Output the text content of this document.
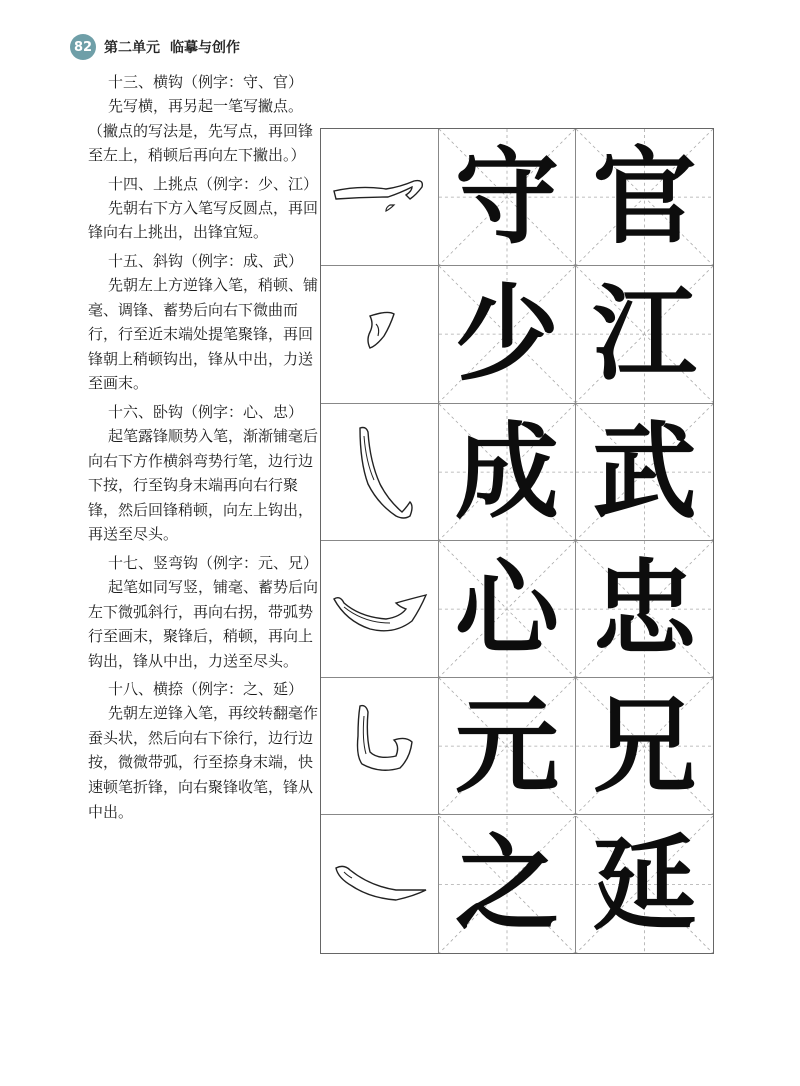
82 第二单元 临摹与创作

十三、横钩（例字：守、官）

先写横，再另起一笔写撇点。（撇点的写法是，先写点，再回锋至左上，稍顿后再向左下撇出。）

十四、上挑点（例字：少、江）

先朝右下方入笔写反圆点，再回锋向右上挑出，出锋宜短。

十五、斜钩（例字：成、武）

先朝左上方逆锋入笔，稍顿、铺毫、调锋、蓄势后向右下微曲而行，行至近末端处提笔聚锋，再回锋朝上稍顿钩出，锋从中出，力送至画末。

十六、卧钩（例字：心、忠）

起笔露锋顺势入笔，渐渐铺毫后向右下方作横斜弯势行笔，边行边下按，行至钩身末端再向右行聚锋，然后回锋稍顿，向左上钩出，再送至尽头。

十七、竖弯钩（例字：元、兄）

起笔如同写竖，铺毫、蓄势后向左下微弧斜行，再向右拐，带弧势行至画末，聚锋后，稍顿，再向上钩出，锋从中出，力送至尽头。

十八、横捺（例字：之、延）

先朝左逆锋入笔，再绞转翻毫作蚕头状，然后向右下徐行，边行边按，微微带弧，行至捺身末端，快速顿笔折锋，向右聚锋收笔，锋从中出。

守 官
少 江
成 武
心 忠
元 兄
之 延
